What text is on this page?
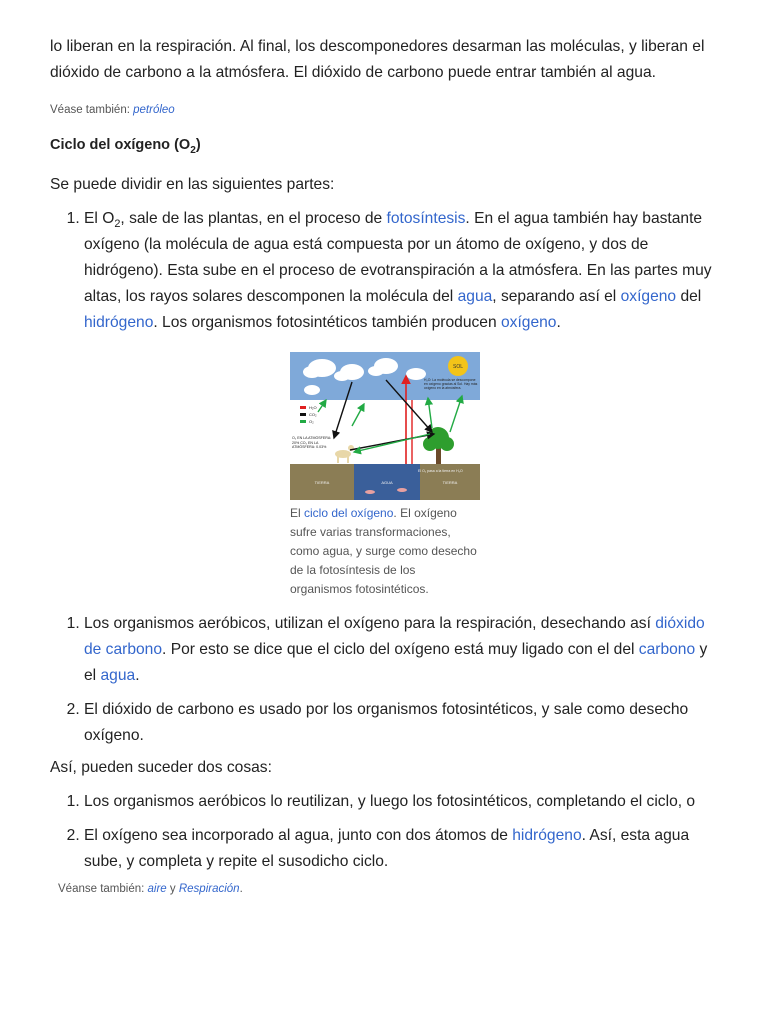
lo liberan en la respiración. Al final, los descomponedores desarman las moléculas, y liberan el dióxido de carbono a la atmósfera. El dióxido de carbono puede entrar también al agua.

Véase también: petróleo

Ciclo del oxígeno $(O_2)$

Se puede dividir en las siguientes partes:

1. El $O_2$, sale de las plantas, en el proceso de fotosíntesis. En el agua también hay bastante oxígeno (la molécula de agua está compuesta por un átomo de oxígeno, y dos de hidrógeno). Esta sube en el proceso de evotranspiración a la atmósfera. En las partes muy altas, los rayos solares descomponen la molécula del agua, separando así el oxígeno del hidrógeno. Los organismos fotosintéticos también producen oxígeno.
SOL
H₂O: La molécula se descompone en oxígeno gracias al Sol. Hay más oxígeno en la atmósfera.
H₂O
CO₂
O₂
O₂ EN LA ATMÓSFERA: 20% CO₂ EN LA ATMÓSFERA: 0.03%
El O₂ pasa a la tierra en H₂O
TIERRA	AGUA	TIERRA
El ciclo del oxígeno. El oxígeno sufre varias transformaciones, como agua, y surge como desecho de la fotosíntesis de los organismos fotosintéticos.
1. Los organismos aeróbicos, utilizan el oxígeno para la respiración, desechando así dióxido de carbono. Por esto se dice que el ciclo del oxígeno está muy ligado con el del carbono y el agua.
2. El dióxido de carbono es usado por los organismos fotosintéticos, y sale como desecho oxígeno.

Así, pueden suceder dos cosas:

1. Los organismos aeróbicos lo reutilizan, y luego los fotosintéticos, completando el ciclo, o
2. El oxígeno sea incorporado al agua, junto con dos átomos de hidrógeno. Así, esta agua sube, y completa y repite el susodicho ciclo.

Véanse también: aire y Respiración.
